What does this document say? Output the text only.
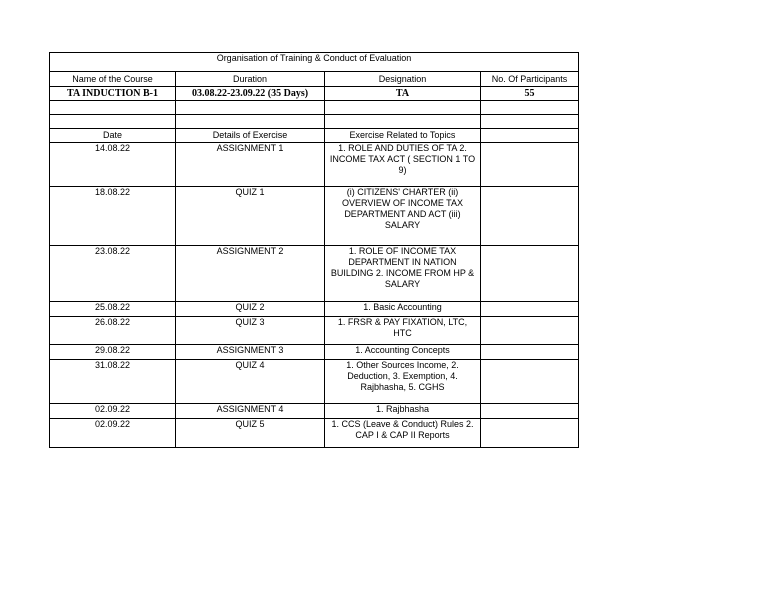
Organisation of Training & Conduct of Evaluation			
Name of the Course	Duration	Designation	No. Of Participants
TA INDUCTION B-1	03.08.22-23.09.22 (35 Days)	TA	55

Date	Details of Exercise	Exercise Related to Topics	
14.08.22	ASSIGNMENT 1	1. ROLE AND DUTIES OF TA 2. INCOME TAX ACT ( SECTION 1 TO 9)	
18.08.22	QUIZ 1	(i) CITIZENS' CHARTER (ii) OVERVIEW OF INCOME TAX DEPARTMENT AND ACT (iii) SALARY	
23.08.22	ASSIGNMENT 2	1. ROLE OF INCOME TAX DEPARTMENT IN NATION BUILDING 2. INCOME FROM HP & SALARY	
25.08.22	QUIZ 2	1. Basic Accounting	
26.08.22	QUIZ 3	1. FRSR & PAY FIXATION, LTC, HTC	
29.08.22	ASSIGNMENT 3	1. Accounting Concepts	
31.08.22	QUIZ 4	1. Other Sources Income, 2. Deduction, 3. Exemption, 4. Rajbhasha, 5. CGHS	
02.09.22	ASSIGNMENT 4	1. Rajbhasha	
02.09.22	QUIZ 5	1. CCS (Leave & Conduct) Rules 2. CAP I & CAP II Reports	
